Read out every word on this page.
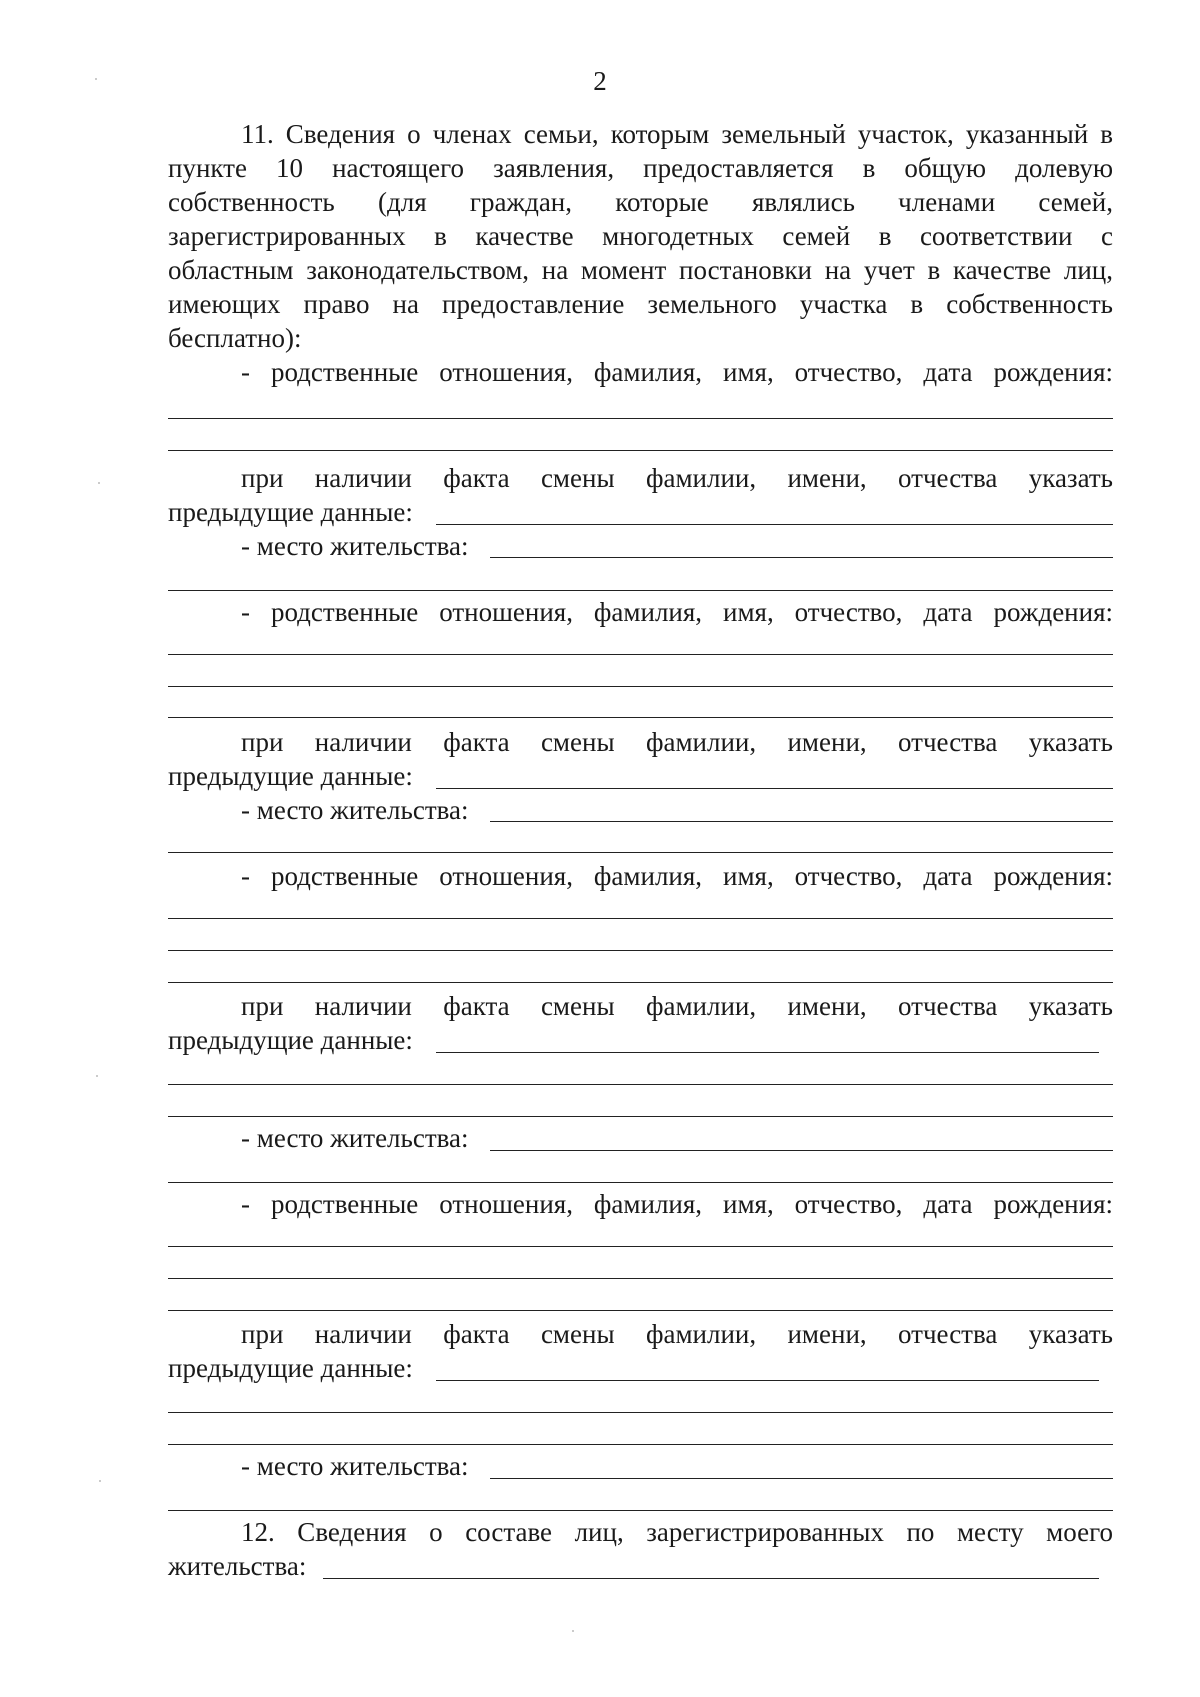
2
11. Сведения о членах семьи, которым земельный участок, указанный в
пункте 10 настоящего заявления, предоставляется в общую долевую
собственность (для граждан, которые являлись членами семей,
зарегистрированных в качестве многодетных семей в соответствии с
областным законодательством, на момент постановки на учет в качестве лиц,
имеющих право на предоставление земельного участка в собственность
бесплатно):
- родственные отношения, фамилия, имя, отчество, дата рождения:
при наличии факта смены фамилии, имени, отчества указать
предыдущие данные:
- место жительства:
- родственные отношения, фамилия, имя, отчество, дата рождения:
при наличии факта смены фамилии, имени, отчества указать
предыдущие данные:
- место жительства:
- родственные отношения, фамилия, имя, отчество, дата рождения:
при наличии факта смены фамилии, имени, отчества указать
предыдущие данные:
- место жительства:
- родственные отношения, фамилия, имя, отчество, дата рождения:
при наличии факта смены фамилии, имени, отчества указать
предыдущие данные:
- место жительства:
12. Сведения о составе лиц, зарегистрированных по месту моего
жительства:
